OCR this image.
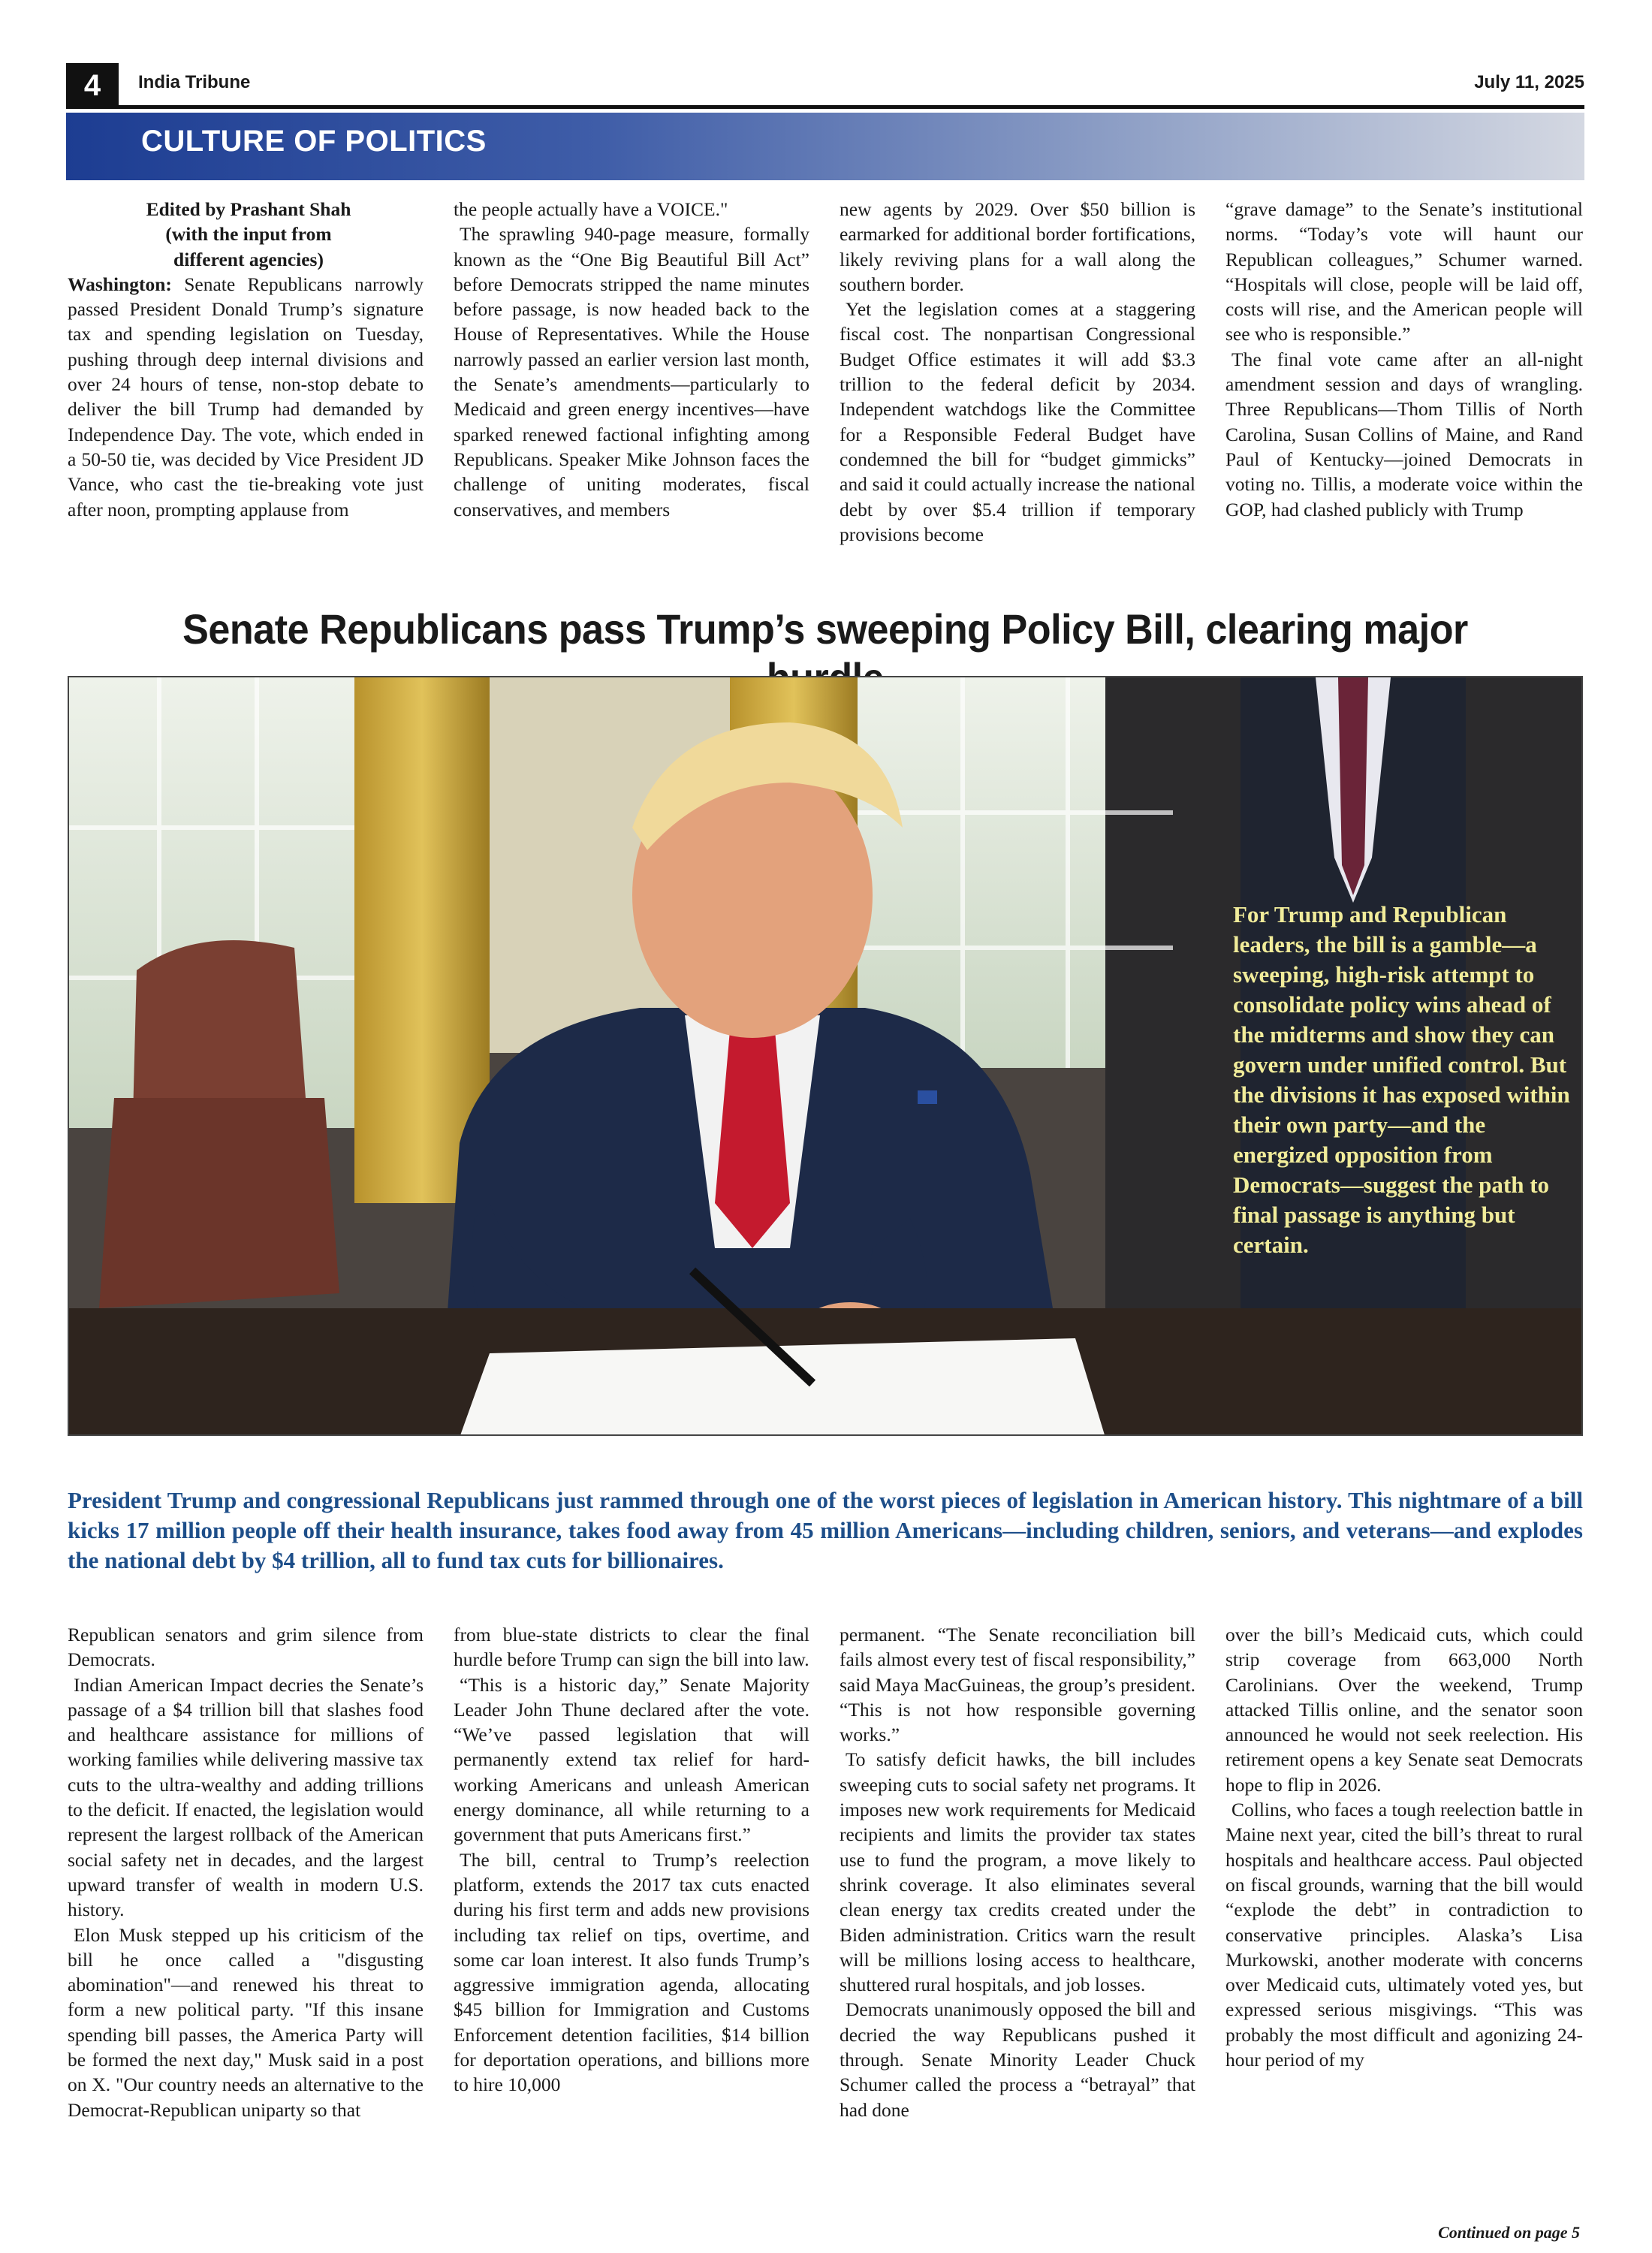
4	India Tribune	July 11, 2025
CULTURE OF POLITICS

Edited by Prashant Shah

(with the input from

different agencies)

Washington: Senate Republicans narrowly passed President Donald Trump’s signature tax and spending legislation on Tuesday, pushing through deep internal divisions and over 24 hours of tense, non-stop debate to deliver the bill Trump had demanded by Independence Day. The vote, which ended in a 50-50 tie, was decided by Vice President JD Vance, who cast the tie-breaking vote just after noon, prompting applause from

the people actually have a VOICE."

The sprawling 940-page measure, formally known as the “One Big Beautiful Bill Act” before Democrats stripped the name minutes before passage, is now headed back to the House of Representatives. While the House narrowly passed an earlier version last month, the Senate’s amendments—particularly to Medicaid and green energy incentives—have sparked renewed factional infighting among Republicans. Speaker Mike Johnson faces the challenge of uniting moderates, fiscal conservatives, and members

new agents by 2029. Over $50 billion is earmarked for additional border fortifications, likely reviving plans for a wall along the southern border.

Yet the legislation comes at a staggering fiscal cost. The nonpartisan Congressional Budget Office estimates it will add $3.3 trillion to the federal deficit by 2034. Independent watchdogs like the Committee for a Responsible Federal Budget have condemned the bill for “budget gimmicks” and said it could actually increase the national debt by over $5.4 trillion if temporary provisions become

“grave damage” to the Senate’s institutional norms. “Today’s vote will haunt our Republican colleagues,” Schumer warned. “Hospitals will close, people will be laid off, costs will rise, and the American people will see who is responsible.”

The final vote came after an all-night amendment session and days of wrangling. Three Republicans—Thom Tillis of North Carolina, Susan Collins of Maine, and Rand Paul of Kentucky—joined Democrats in voting no. Tillis, a moderate voice within the GOP, had clashed publicly with Trump

Senate Republicans pass Trump’s sweeping Policy Bill, clearing major
For Trump and Republican leaders, the bill is a gamble—a sweeping, high-risk attempt to consolidate policy wins ahead of the midterms and show they can govern under unified control. But the divisions it has exposed within their own party—and the energized opposition from Democrats—suggest the path to final passage is anything but certain.
President Trump and congressional Republicans just rammed through one of the worst pieces of legislation in American history. This nightmare of a bill kicks 17 million people off their health insurance, takes food away from 45 million Americans—including children, seniors, and veterans—and explodes the national debt by $4 trillion, all to fund tax cuts for billionaires.

Republican senators and grim silence from Democrats.

Indian American Impact decries the Senate’s passage of a $4 trillion bill that slashes food and healthcare assistance for millions of working families while delivering massive tax cuts to the ultra-wealthy and adding trillions to the deficit. If enacted, the legislation would represent the largest rollback of the American social safety net in decades, and the largest upward transfer of wealth in modern U.S. history.

Elon Musk stepped up his criticism of the bill he once called a "disgusting abomination"—and renewed his threat to form a new political party. "If this insane spending bill passes, the America Party will be formed the next day," Musk said in a post on X. "Our country needs an alternative to the Democrat-Republican uniparty so that

from blue-state districts to clear the final hurdle before Trump can sign the bill into law.

“This is a historic day,” Senate Majority Leader John Thune declared after the vote. “We’ve passed legislation that will permanently extend tax relief for hard-working Americans and unleash American energy dominance, all while returning to a government that puts Americans first.”

The bill, central to Trump’s reelection platform, extends the 2017 tax cuts enacted during his first term and adds new provisions including tax relief on tips, overtime, and some car loan interest. It also funds Trump’s aggressive immigration agenda, allocating $45 billion for Immigration and Customs Enforcement detention facilities, $14 billion for deportation operations, and billions more to hire 10,000

permanent. “The Senate reconciliation bill fails almost every test of fiscal responsibility,” said Maya MacGuineas, the group’s president. “This is not how responsible governing works.”

To satisfy deficit hawks, the bill includes sweeping cuts to social safety net programs. It imposes new work requirements for Medicaid recipients and limits the provider tax states use to fund the program, a move likely to shrink coverage. It also eliminates several clean energy tax credits created under the Biden administration. Critics warn the result will be millions losing access to healthcare, shuttered rural hospitals, and job losses.

Democrats unanimously opposed the bill and decried the way Republicans pushed it through. Senate Minority Leader Chuck Schumer called the process a “betrayal” that had done

over the bill’s Medicaid cuts, which could strip coverage from 663,000 North Carolinians. Over the weekend, Trump attacked Tillis online, and the senator soon announced he would not seek reelection. His retirement opens a key Senate seat Democrats hope to flip in 2026.

Collins, who faces a tough reelection battle in Maine next year, cited the bill’s threat to rural hospitals and healthcare access. Paul objected on fiscal grounds, warning that the bill would “explode the debt” in contradiction to conservative principles. Alaska’s Lisa Murkowski, another moderate with concerns over Medicaid cuts, ultimately voted yes, but expressed serious misgivings. “This was probably the most difficult and agonizing 24-hour period of my

Continued on page 5
